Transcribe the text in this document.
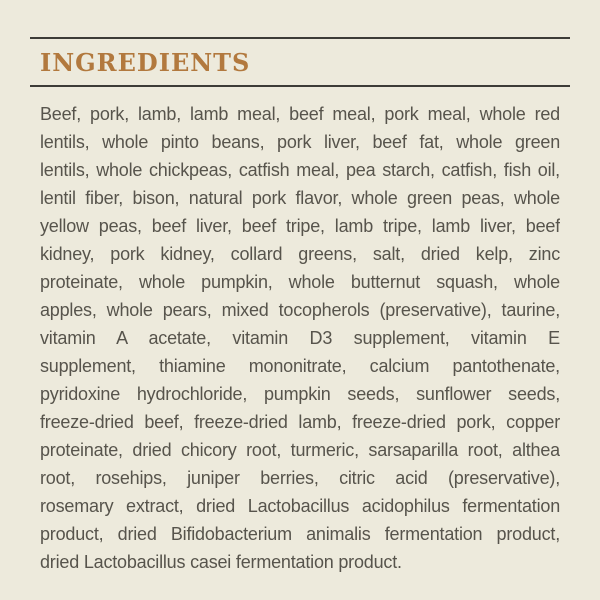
INGREDIENTS
Beef, pork, lamb, lamb meal, beef meal, pork meal, whole red
lentils, whole pinto beans, pork liver, beef fat, whole green
lentils, whole chickpeas, catfish meal, pea starch, catfish, fish oil,
lentil fiber, bison, natural pork flavor, whole green peas, whole
yellow peas, beef liver, beef tripe, lamb tripe, lamb liver, beef
kidney, pork kidney, collard greens, salt, dried kelp, zinc
proteinate, whole pumpkin, whole butternut squash, whole
apples, whole pears, mixed tocopherols (preservative), taurine,
vitamin A acetate, vitamin D3 supplement, vitamin E
supplement, thiamine mononitrate, calcium pantothenate,
pyridoxine hydrochloride, pumpkin seeds, sunflower seeds,
freeze-dried beef, freeze-dried lamb, freeze-dried pork, copper
proteinate, dried chicory root, turmeric, sarsaparilla root, althea
root, rosehips, juniper berries, citric acid (preservative),
rosemary extract, dried Lactobacillus acidophilus fermentation
product, dried Bifidobacterium animalis fermentation product,
dried Lactobacillus casei fermentation product.
